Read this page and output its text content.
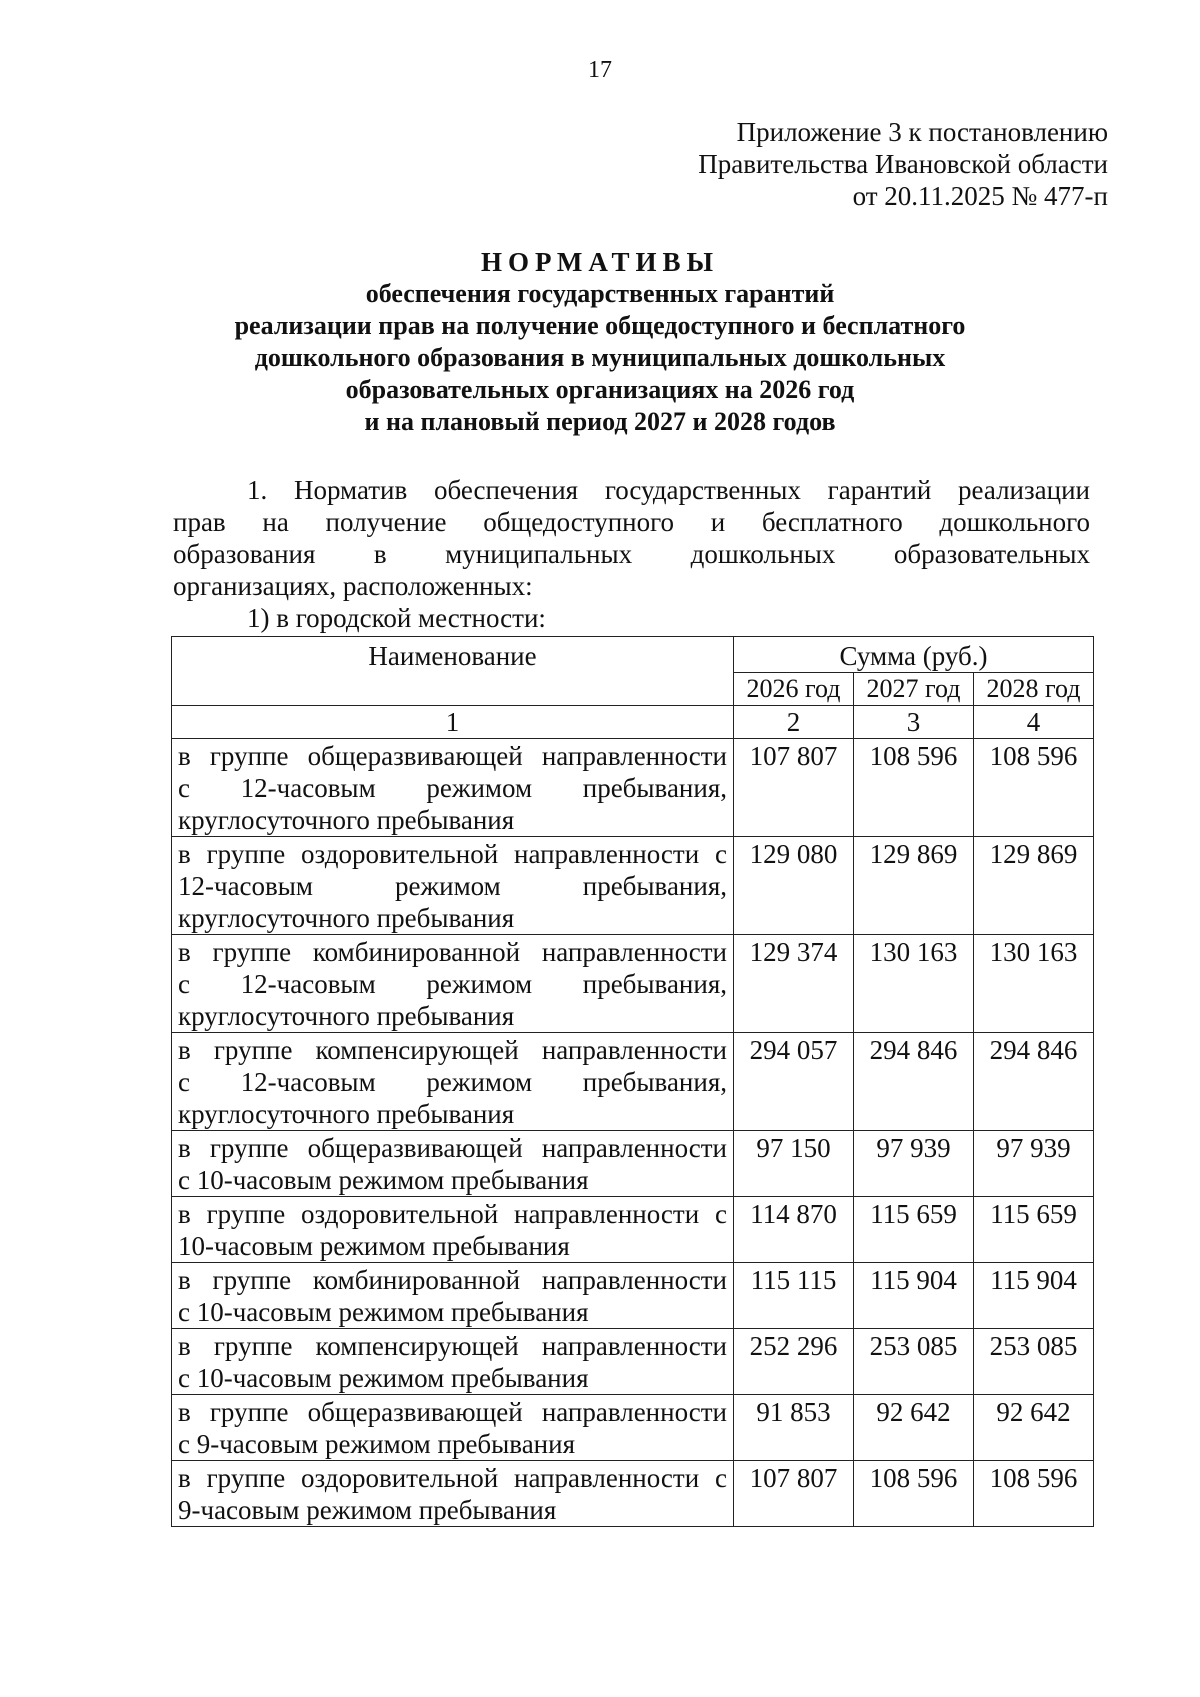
17
Приложение 3 к постановлению
Правительства Ивановской области
от 20.11.2025 № 477-п
НОРМАТИВЫ
обеспечения государственных гарантий
реализации прав на получение общедоступного и бесплатного
дошкольного образования в муниципальных дошкольных
образовательных организациях на 2026 год
и на плановый период 2027 и 2028 годов
1. Норматив обеспечения государственных гарантий реализации
прав на получение общедоступного и бесплатного дошкольного
образования в муниципальных дошкольных образовательных
организациях, расположенных:
1) в городской местности:
Наименование	Сумма (руб.)		
	2026 год	2027 год	2028 год
1	2	3	4

в группе общеразвивающей направленности
с 12-часовым режимом пребывания,
круглосуточного пребывания	107 807	108 596	108 596

в группе оздоровительной направленности с
12-часовым режимом пребывания,
круглосуточного пребывания	129 080	129 869	129 869

в группе комбинированной направленности
с 12-часовым режимом пребывания,
круглосуточного пребывания	129 374	130 163	130 163

в группе компенсирующей направленности
с 12-часовым режимом пребывания,
круглосуточного пребывания	294 057	294 846	294 846

в группе общеразвивающей направленности
с 10-часовым режимом пребывания	97 150	97 939	97 939

в группе оздоровительной направленности с
10-часовым режимом пребывания	114 870	115 659	115 659

в группе комбинированной направленности
с 10-часовым режимом пребывания	115 115	115 904	115 904

в группе компенсирующей направленности
с 10-часовым режимом пребывания	252 296	253 085	253 085

в группе общеразвивающей направленности
с 9-часовым режимом пребывания	91 853	92 642	92 642

в группе оздоровительной направленности с
9-часовым режимом пребывания	107 807	108 596	108 596
